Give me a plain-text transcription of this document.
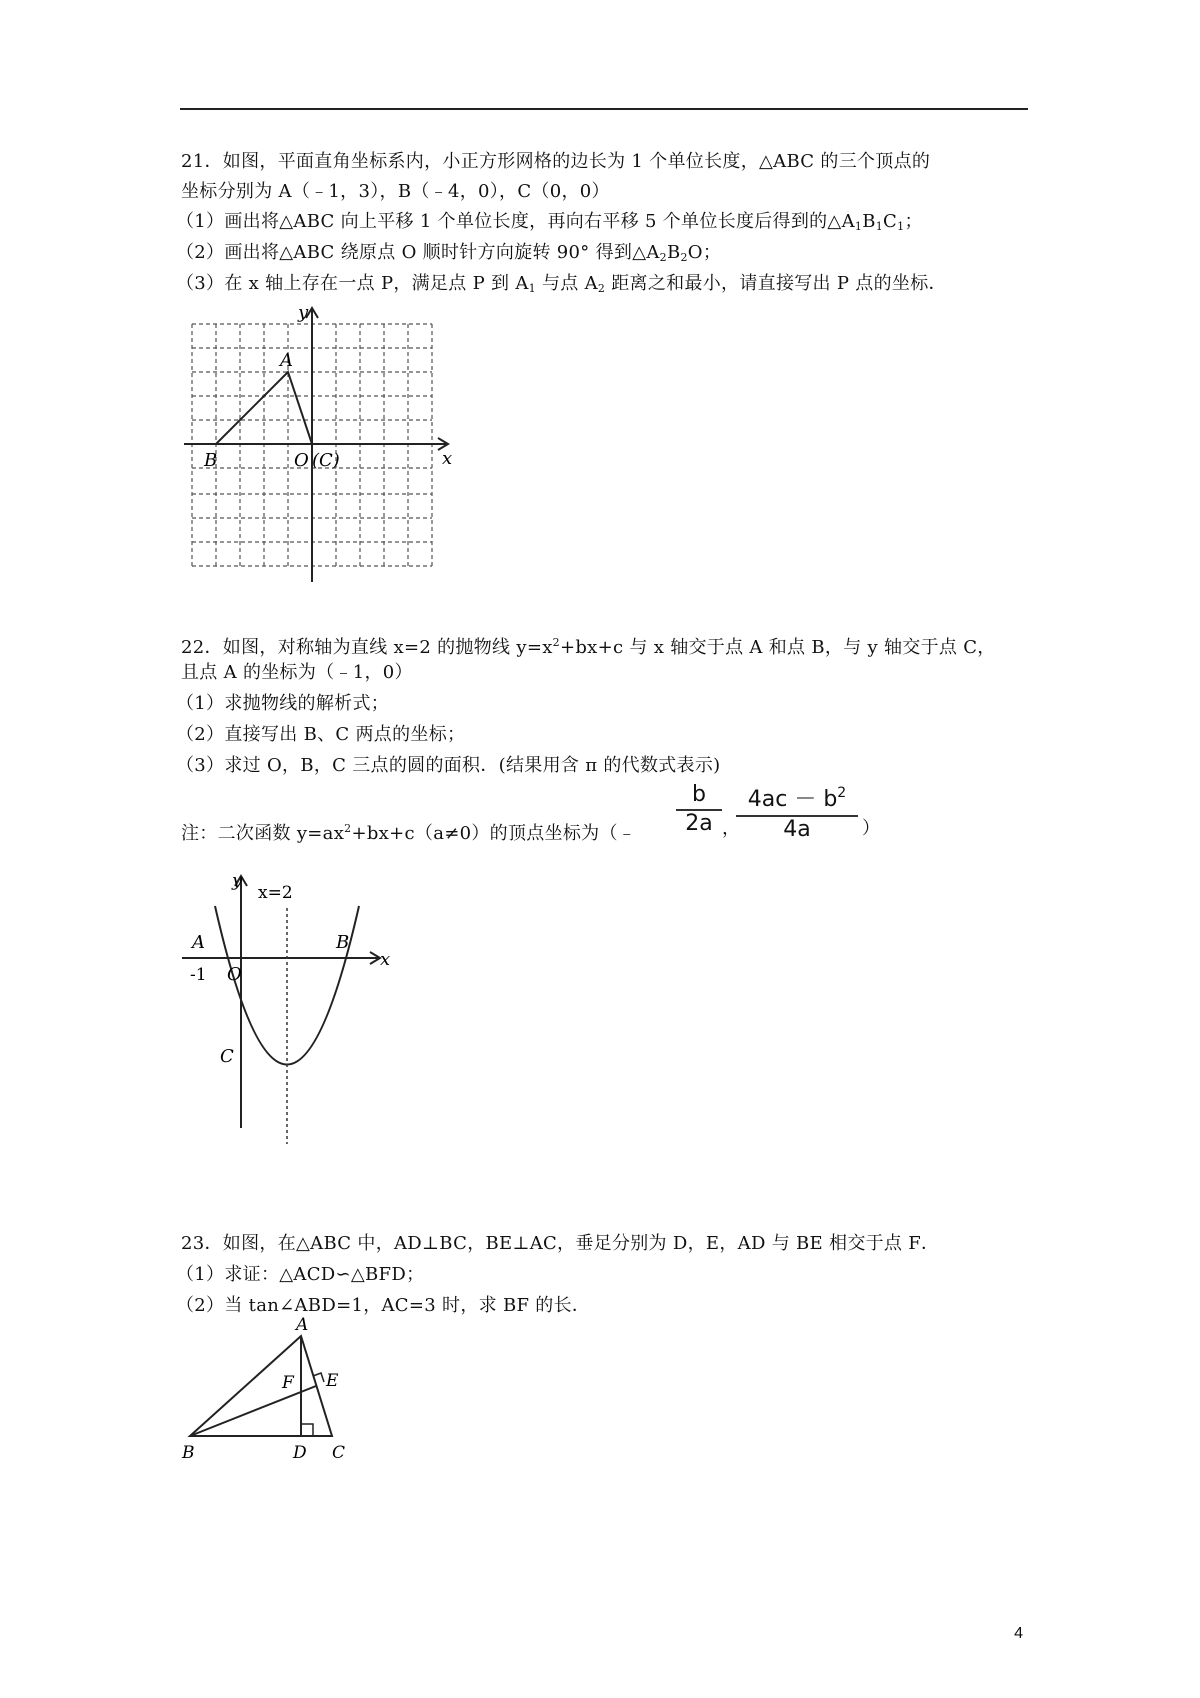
21．如图，平面直角坐标系内，小正方形网格的边长为 1 个单位长度，△ABC 的三个顶点的
坐标分别为 A（﹣1，3），B（﹣4，0），C（0，0）
（1）画出将△ABC 向上平移 1 个单位长度，再向右平移 5 个单位长度后得到的$\triangle A_1B_1C_1$；
（2）画出将△ABC 绕原点 O 顺时针方向旋转 90° 得到$\triangle A_2B_2O$；
（3）在 x 轴上存在一点 P，满足点 P 到 $A_1$ 与点 $A_2$ 距离之和最小，请直接写出 P 点的坐标．
y
x
A
B	O (C)
22．如图，对称轴为直线 x=2 的抛物线 $y=x^2+bx+c$ 与 x 轴交于点 A 和点 B，与 y 轴交于点 C，
且点 A 的坐标为（﹣1，0）
（1）求抛物线的解析式；
（2）直接写出 B、C 两点的坐标；
（3）求过 O，B，C 三点的圆的面积．(结果用含 π 的代数式表示)
注：二次函数 $y=ax^2+bx+c(a\ne 0)$的顶点坐标为（﹣ $\frac{b}{2a}$ ，
$\frac{4ac - b^2}{4a}$ ）
y
x=2
x
A
-1 O
B
C
23．如图，在△ABC 中，AD⊥BC，BE⊥AC，垂足分别为 D，E，AD 与 BE 相交于点 F．
（1）求证：△ACD∽△BFD；
（2）当 tan∠ABD=1，AC=3 时，求 BF 的长．
A
F E
B	D C
4
